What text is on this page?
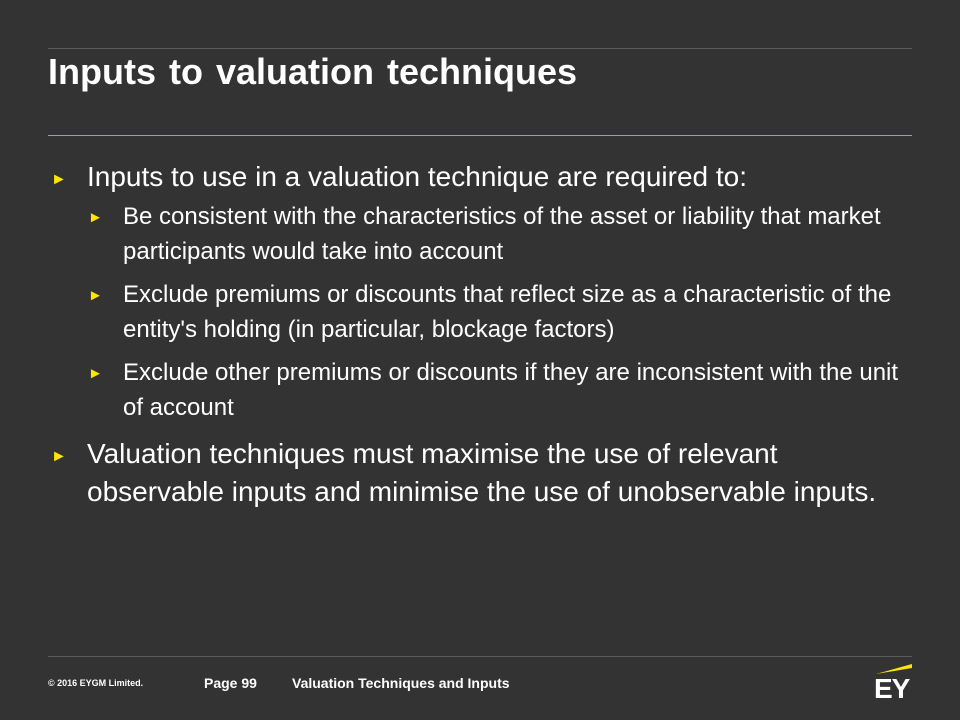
Inputs to valuation techniques
► Inputs to use in a valuation technique are required to:
► Be consistent with the characteristics of the asset or liability that market participants would take into account
► Exclude premiums or discounts that reflect size as a characteristic of the entity's holding (in particular, blockage factors)
► Exclude other premiums or discounts if they are inconsistent with the unit of account
► Valuation techniques must maximise the use of relevant observable inputs and minimise the use of unobservable inputs.
© 2016 EYGM Limited.	Page 99	Valuation Techniques and Inputs	EY
